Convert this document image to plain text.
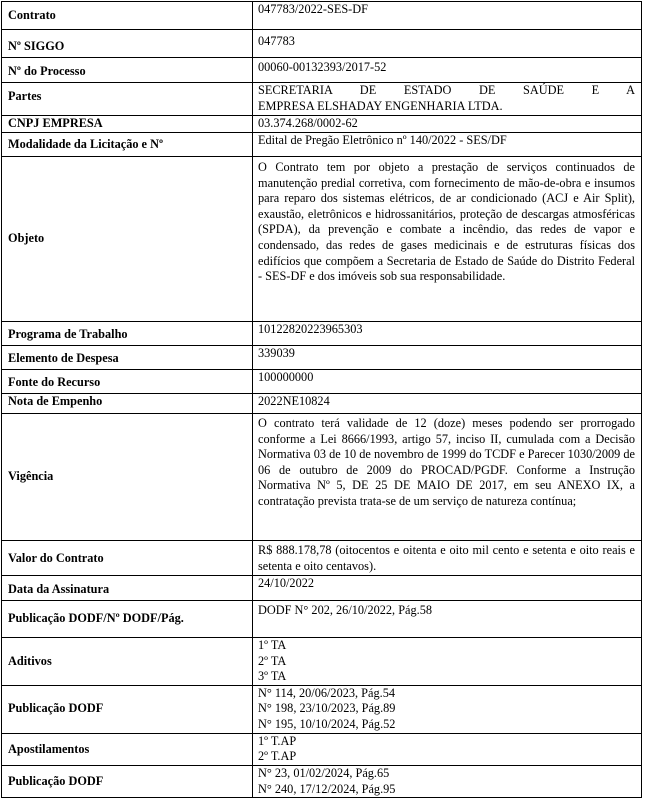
Contrato	047783/2022-SES-DF
Nº SIGGO	047783
Nº do Processo	00060-00132393/2017-52
Partes	SECRETARIA DE ESTADO DE SAÚDE E A
EMPRESA ELSHADAY ENGENHARIA LTDA.

CNPJ EMPRESA	03.374.268/0002-62
Modalidade da Licitação e Nº	Edital de Pregão Eletrônico nº 140/2022 - SES/DF
Objeto	O Contrato tem por objeto a prestação de serviços continuados de manutenção predial corretiva, com fornecimento de mão-de-obra e insumos para reparo dos sistemas elétricos, de ar condicionado (ACJ e Air Split), exaustão, eletrônicos e hidrossanitários, proteção de descargas atmosféricas (SPDA), da prevenção e combate a incêndio, das redes de vapor e condensado, das redes de gases medicinais e de estruturas físicas dos edifícios que compõem a Secretaria de Estado de Saúde do Distrito Federal - SES-DF e dos imóveis sob sua responsabilidade.
Programa de Trabalho	10122820223965303
Elemento de Despesa	339039
Fonte do Recurso	100000000
Nota de Empenho	2022NE10824
Vigência	O contrato terá validade de 12 (doze) meses podendo ser prorrogado conforme a Lei 8666/1993, artigo 57, inciso II, cumulada com a Decisão Normativa 03 de 10 de novembro de 1999 do TCDF e Parecer 1030/2009 de 06 de outubro de 2009 do PROCAD/PGDF. Conforme a Instrução Normativa Nº 5, DE 25 DE MAIO DE 2017, em seu ANEXO IX, a contratação prevista trata-se de um serviço de natureza contínua;
Valor do Contrato	R$ 888.178,78 (oitocentos e oitenta e oito mil cento e setenta e oito reais e setenta e oito centavos).
Data da Assinatura	24/10/2022
Publicação DODF/Nº DODF/Pág.	DODF N° 202, 26/10/2022, Pág.58
Aditivos	1º TA
2º TA
3º TA

Publicação DODF	N° 114, 20/06/2023, Pág.54
N° 198, 23/10/2023, Pág.89
N° 195, 10/10/2024, Pág.52

Apostilamentos	1º T.AP
2º T.AP

Publicação DODF	N° 23, 01/02/2024, Pág.65
N° 240, 17/12/2024, Pág.95
